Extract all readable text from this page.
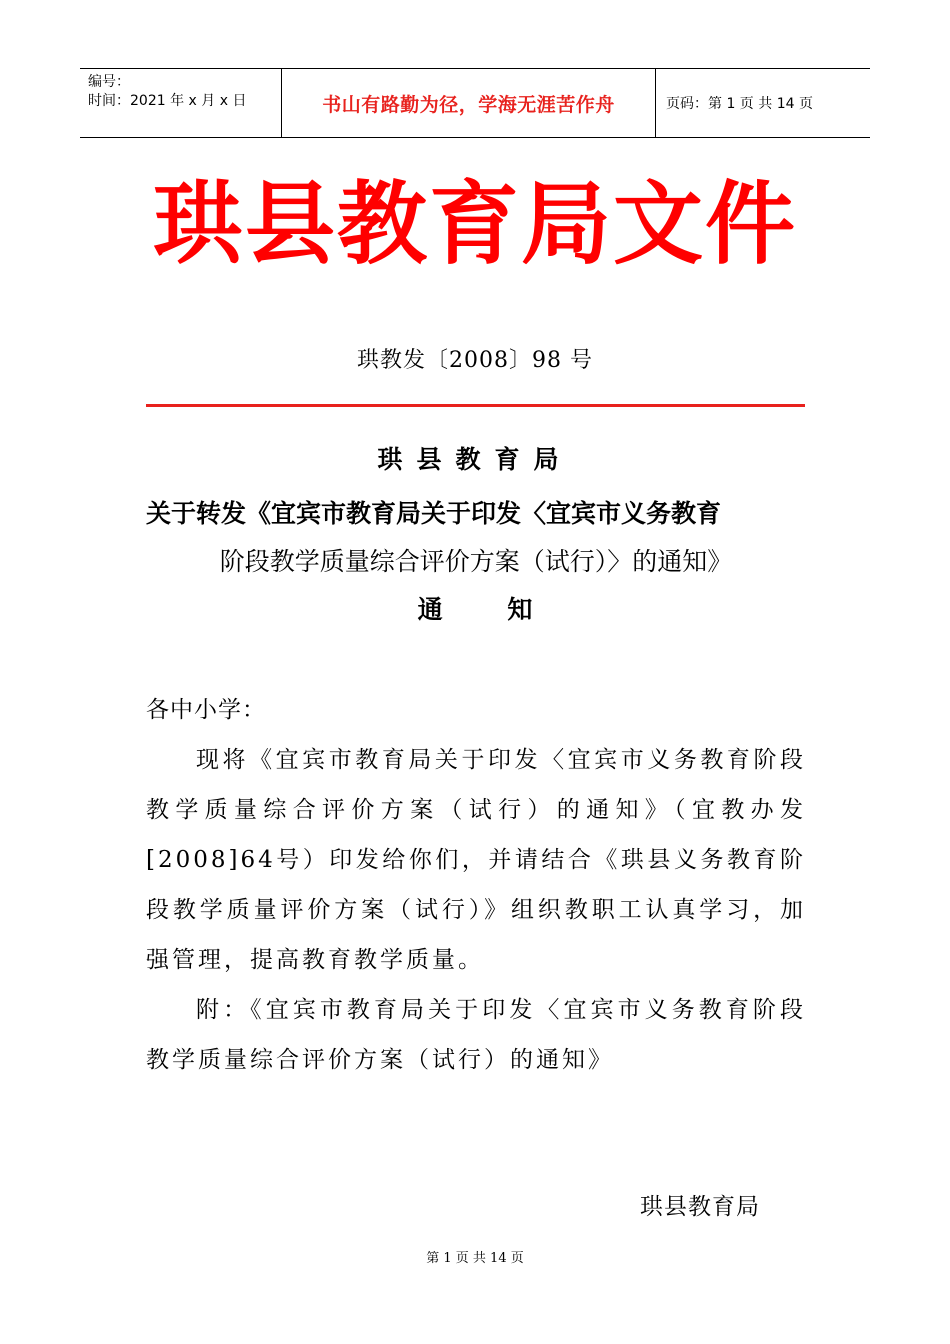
编号：
时间：2021 年 x 月 x 日	书山有路勤为径，学海无涯苦作舟	页码：第 1 页 共 14 页
珙县教育局文件
珙教发〔2008〕98 号
珙县教育局
关于转发《宜宾市教育局关于印发〈宜宾市义务教育
阶段教学质量综合评价方案（试行）〉的通知》
通	知

各中小学：

现将《宜宾市教育局关于印发〈宜宾市义务教育阶段教学质量综合评价方案（试行）的通知》（宜教办发[2008]64号）印发给你们，并请结合《珙县义务教育阶段教学质量评价方案（试行）》组织教职工认真学习，加强管理，提高教育教学质量。

附：《宜宾市教育局关于印发〈宜宾市义务教育阶段教学质量综合评价方案（试行）的通知》

珙县教育局
第 1 页 共 14 页
